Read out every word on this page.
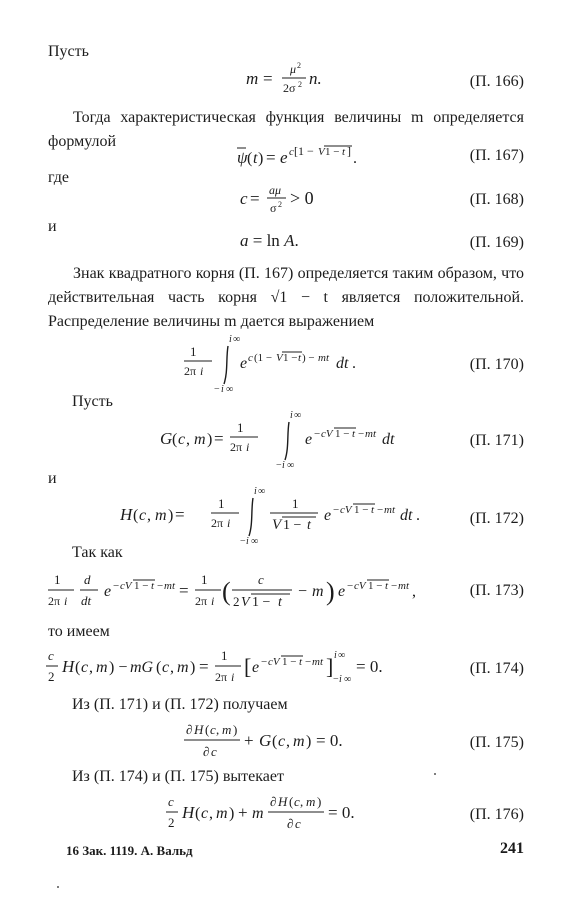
Пусть
m = μ 2
2σ 2 n.	(П. 166)
Тогда характеристическая функция величины m определяется формулой
ψ ( t ) = e c [1 − V 1 − t ] .	(П. 167)
где
c = aμ
σ 2 > 0	(П. 168)
и
a = ln A.	(П. 169)
Знак квадратного корня (П. 167) определяется таким образом, что действительная часть корня √1 − t является положительной. Распределение величины m дается выражением
1
2π i
i ∞
− i ∞
e c (1 − V 1 − t ) − mt dt .	(П. 170)
Пусть
G ( c , m ) =
1
2π i
i ∞
− i ∞
e − cV 1 − t − mt dt	(П. 171)
и
H ( c , m ) =
1
2π i
i ∞
− i ∞
1
V 1 − t
e − cV 1 − t − mt dt .	(П. 172)
Так как
1
2π i
d
dt
e − cV 1 − t − mt =
1
2π i ( c
2 V 1 − t
− m ) e − cV 1 − t − mt ,	(П. 173)
то имеем
c
2
H ( c , m ) − mG ( c , m ) =
1
2π i [ e − cV 1 − t − mt ] i ∞
− i ∞
= 0.	(П. 174)
Из (П. 171) и (П. 172) получаем
∂ H ( c , m )
∂ c
+ G ( c , m ) = 0.	(П. 175)
Из (П. 174) и (П. 175) вытекает
c
2
H ( c , m ) + m
∂ H ( c , m )
∂ c
= 0.	(П. 176)
16 Зак. 1119. А. Вальд	241
